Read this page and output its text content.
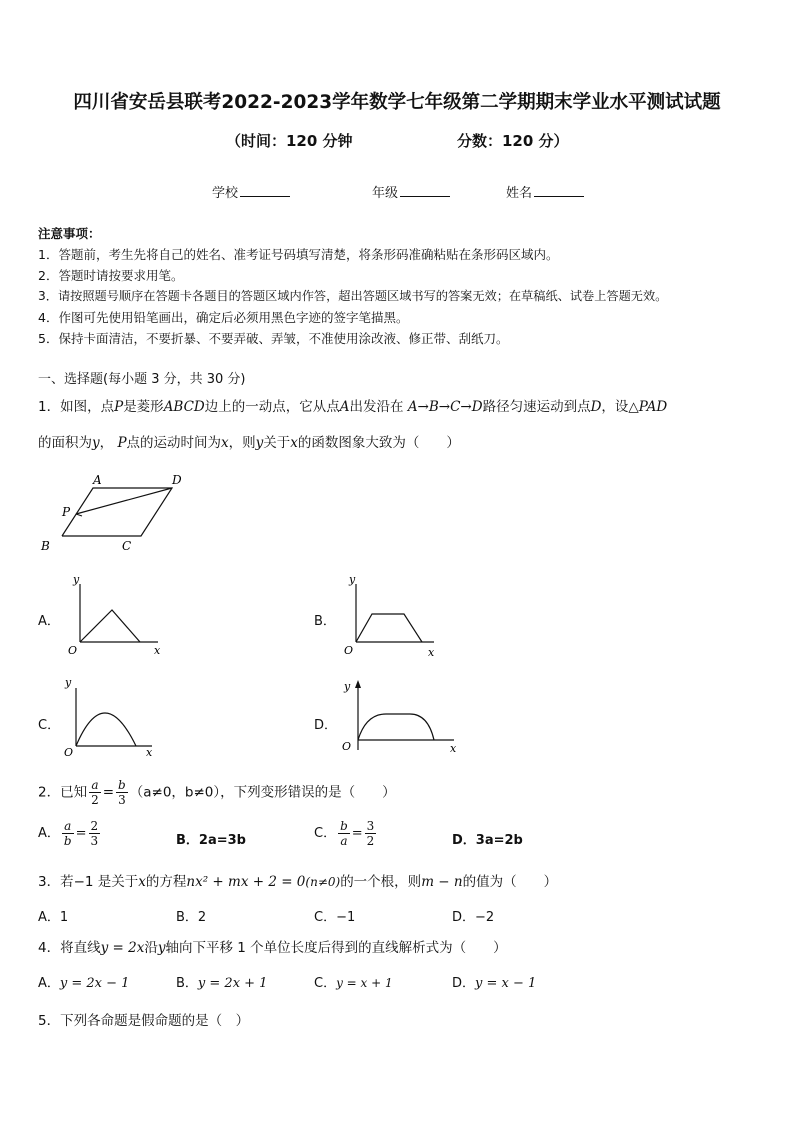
四川省安岳县联考2022-2023学年数学七年级第二学期期末学业水平测试试题
（时间：120 分钟	分数：120 分）
学校	年级	姓名
注意事项：
1．答题前，考生先将自己的姓名、准考证号码填写清楚，将条形码准确粘贴在条形码区域内。
2．答题时请按要求用笔。
3．请按照题号顺序在答题卡各题目的答题区域内作答，超出答题区域书写的答案无效；在草稿纸、试卷上答题无效。
4．作图可先使用铅笔画出，确定后必须用黑色字迹的签字笔描黑。
5．保持卡面清洁，不要折暴、不要弄破、弄皱，不准使用涂改液、修正带、刮纸刀。
一、选择题(每小题 3 分，共 30 分)
1．如图，点P是菱形ABCD边上的一动点，它从点A出发沿在 A→B→C→D路径匀速运动到点D，设△PAD
的面积为y， P点的运动时间为x，则y关于x的函数图象大致为（　　）
A	D
P
B	C
A．
y
O	x
B．
y
O	x
C．
y
O	x
D．
y
O	x
2．已知 $\frac{a}{2} = \frac{b}{3} (a\ne 0$，b≠0），下列变形错误的是（　　）
A． $\frac{a}{b} = \frac{2}{3}$	B．2a=3b	C． $\frac{b}{a} = \frac{3}{2}$	D．3a=2b
3．若−1 是关于x的方程nx² + mx + 2 = 0(n≠0)的一个根，则m − n的值为（　　）
A．1	B．2	C．−1	D．−2
4．将直线y = 2x沿y轴向下平移 1 个单位长度后得到的直线解析式为（　　）
A．y = 2x − 1	B．y = 2x + 1	C．y = x + 1	D．y = x − 1
5．下列各命题是假命题的是（　）
